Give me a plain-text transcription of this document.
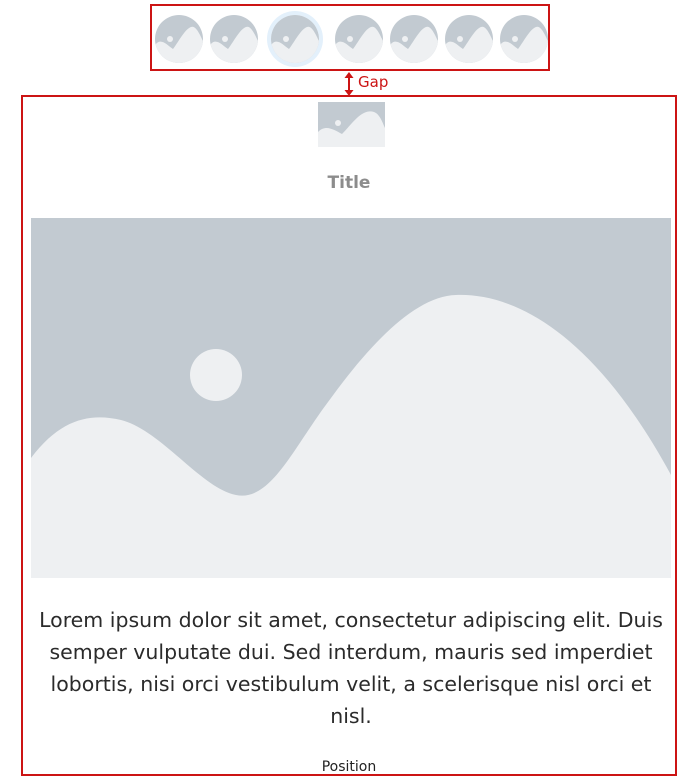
Gap
Title
Lorem ipsum dolor sit amet, consectetur adipiscing elit. Duis semper vulputate dui. Sed interdum, mauris sed imperdiet lobortis, nisi orci vestibulum velit, a scelerisque nisl orci et nisl.
Position
